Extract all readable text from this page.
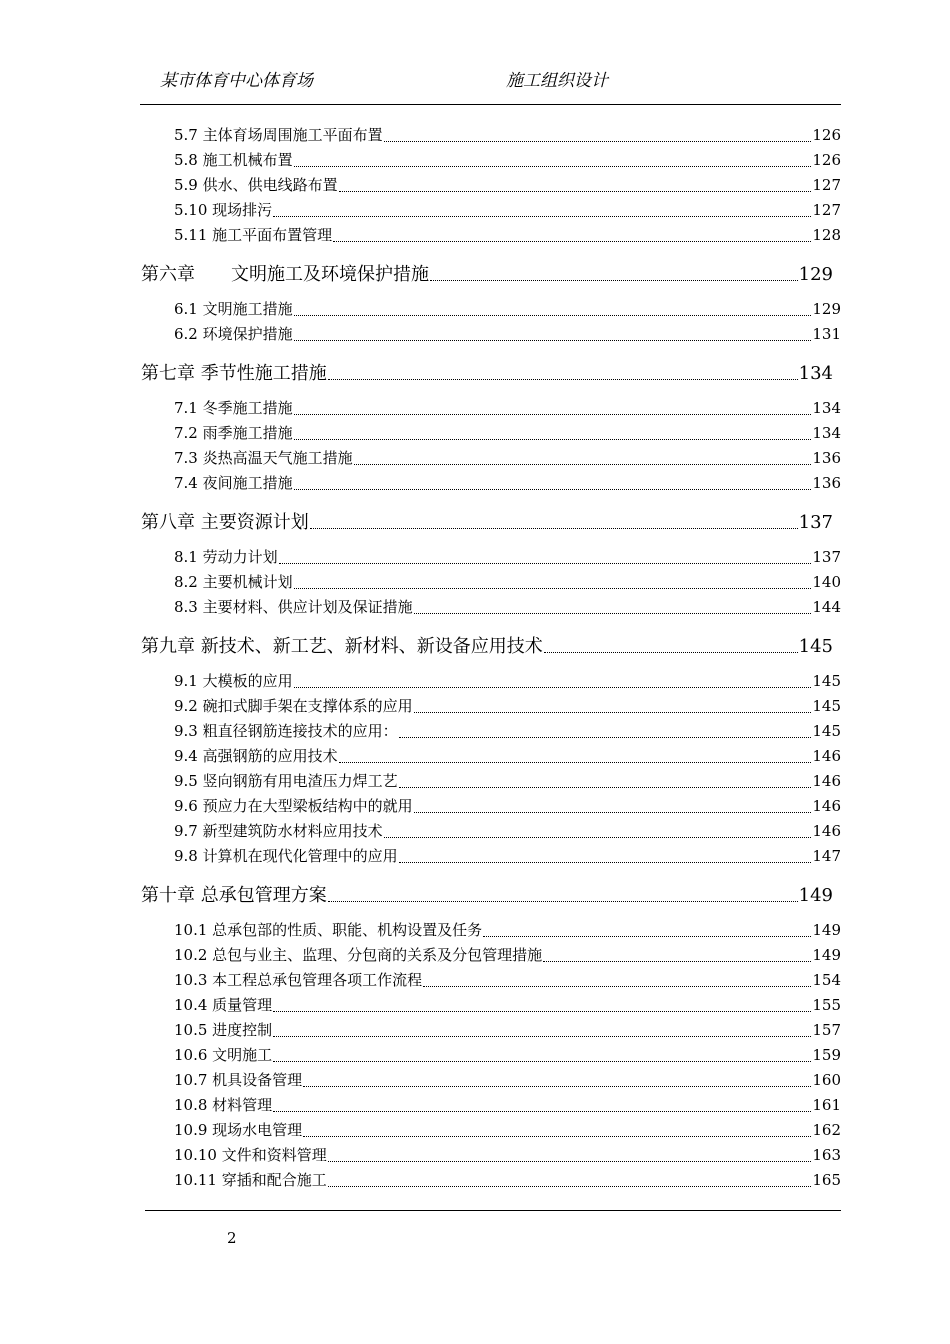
某市体育中心体育场	施工组织设计
5.7 主体育场周围施工平面布置	126
5.8 施工机械布置	126
5.9 供水、供电线路布置	127
5.10 现场排污	127
5.11 施工平面布置管理	128
第六章　　文明施工及环境保护措施	129
6.1 文明施工措施	129
6.2 环境保护措施	131
第七章 季节性施工措施	134
7.1 冬季施工措施	134
7.2 雨季施工措施	134
7.3 炎热高温天气施工措施	136
7.4 夜间施工措施	136
第八章 主要资源计划	137
8.1 劳动力计划	137
8.2 主要机械计划	140
8.3 主要材料、供应计划及保证措施	144
第九章 新技术、新工艺、新材料、新设备应用技术	145
9.1 大模板的应用	145
9.2 碗扣式脚手架在支撑体系的应用	145
9.3 粗直径钢筋连接技术的应用：	145
9.4 高强钢筋的应用技术	146
9.5 竖向钢筋有用电渣压力焊工艺	146
9.6 预应力在大型梁板结构中的就用	146
9.7 新型建筑防水材料应用技术	146
9.8 计算机在现代化管理中的应用	147
第十章 总承包管理方案	149
10.1 总承包部的性质、职能、机构设置及任务	149
10.2 总包与业主、监理、分包商的关系及分包管理措施	149
10.3 本工程总承包管理各项工作流程	154
10.4 质量管理	155
10.5 进度控制	157
10.6 文明施工	159
10.7 机具设备管理	160
10.8 材料管理	161
10.9 现场水电管理	162
10.10 文件和资料管理	163
10.11 穿插和配合施工	165
2
